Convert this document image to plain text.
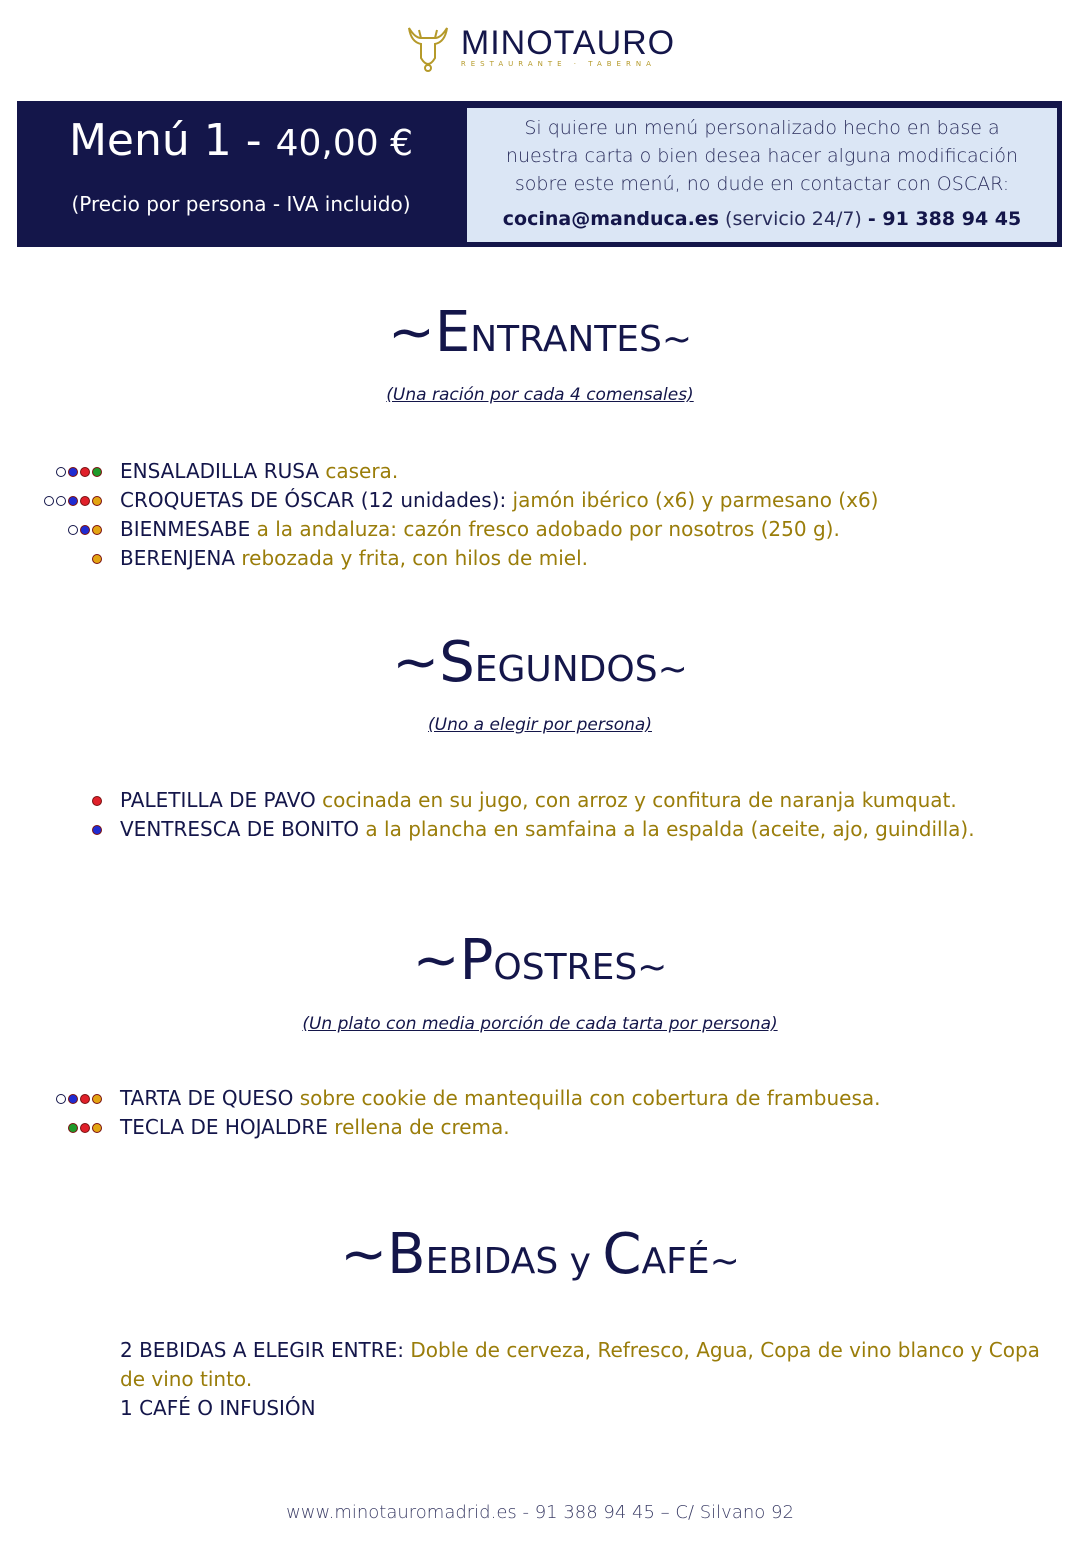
MINOTAURO
RESTAURANTE · TABERNA
Menú 1 - 40,00 €
(Precio por persona - IVA incluido)
Si quiere un menú personalizado hecho en base a
nuestra carta o bien desea hacer alguna modificación
sobre este menú, no dude en contactar con OSCAR:
cocina@manduca.es (servicio 24/7) - 91 388 94 45
~ENTRANTES~
(Una ración por cada 4 comensales)
ENSALADILLA RUSA casera.
CROQUETAS DE ÓSCAR (12 unidades): jamón ibérico (x6) y parmesano (x6)
BIENMESABE a la andaluza: cazón fresco adobado por nosotros (250 g).
BERENJENA rebozada y frita, con hilos de miel.
~SEGUNDOS~
(Uno a elegir por persona)
PALETILLA DE PAVO cocinada en su jugo, con arroz y confitura de naranja kumquat.
VENTRESCA DE BONITO a la plancha en samfaina a la espalda (aceite, ajo, guindilla).
~POSTRES~
(Un plato con media porción de cada tarta por persona)
TARTA DE QUESO sobre cookie de mantequilla con cobertura de frambuesa.
TECLA DE HOJALDRE rellena de crema.
~BEBIDAS y CAFÉ~
2 BEBIDAS A ELEGIR ENTRE: Doble de cerveza, Refresco, Agua, Copa de vino blanco y Copa de vino tinto.
1 CAFÉ O INFUSIÓN
www.minotauromadrid.es - 91 388 94 45 – C/ Silvano 92
